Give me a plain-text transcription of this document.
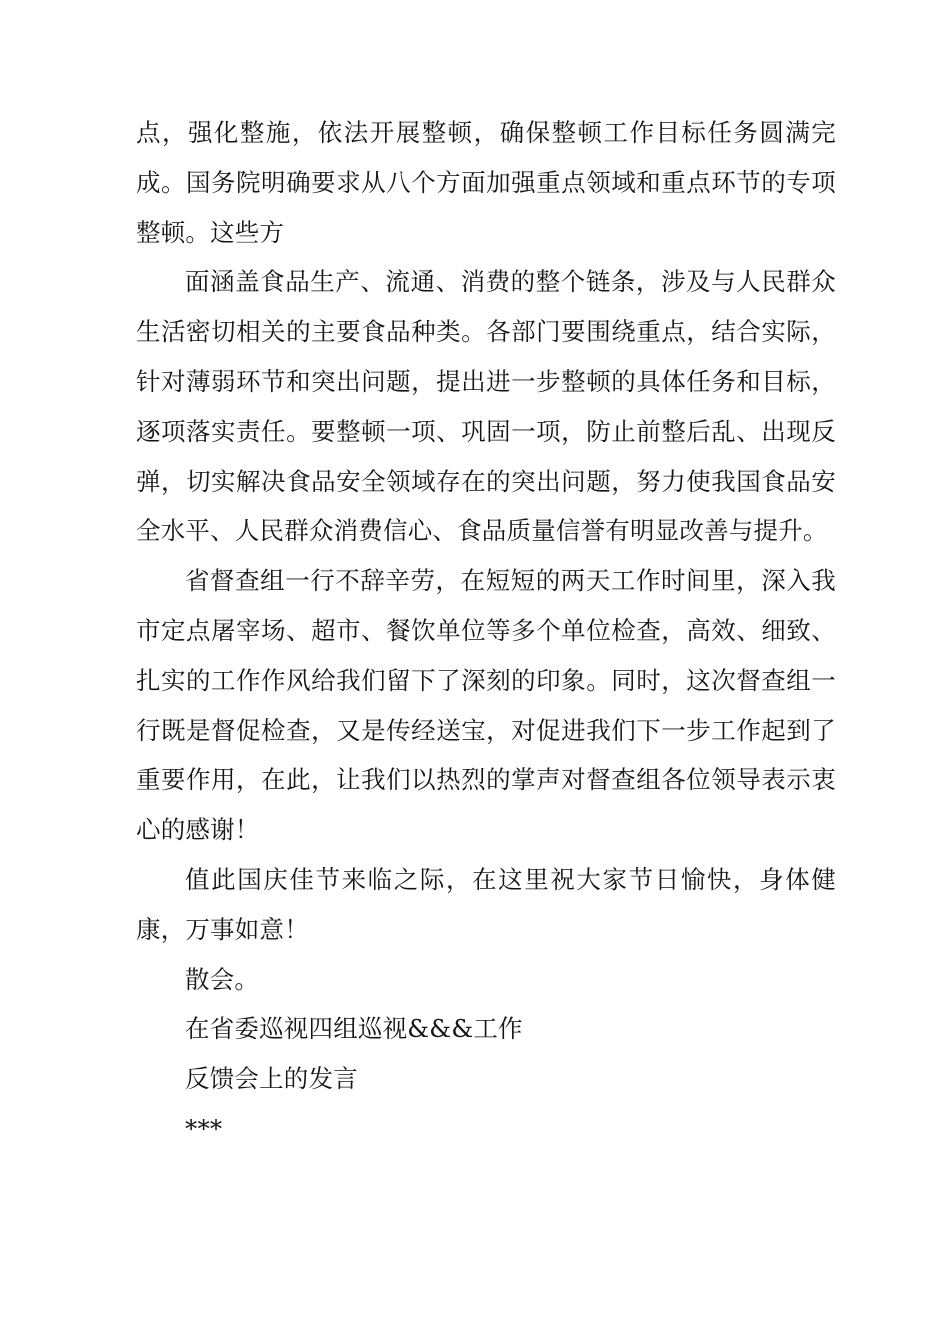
点，强化整施，依法开展整顿，确保整顿工作目标任务圆满完成。国务院明确要求从八个方面加强重点领域和重点环节的专项整顿。这些方

面涵盖食品生产、流通、消费的整个链条，涉及与人民群众生活密切相关的主要食品种类。各部门要围绕重点，结合实际，针对薄弱环节和突出问题，提出进一步整顿的具体任务和目标，逐项落实责任。要整顿一项、巩固一项，防止前整后乱、出现反弹，切实解决食品安全领域存在的突出问题，努力使我国食品安全水平、人民群众消费信心、食品质量信誉有明显改善与提升。

省督查组一行不辞辛劳，在短短的两天工作时间里，深入我市定点屠宰场、超市、餐饮单位等多个单位检查，高效、细致、扎实的工作作风给我们留下了深刻的印象。同时，这次督查组一行既是督促检查，又是传经送宝，对促进我们下一步工作起到了重要作用，在此，让我们以热烈的掌声对督查组各位领导表示衷心的感谢！

值此国庆佳节来临之际，在这里祝大家节日愉快，身体健康，万事如意！

散会。

在省委巡视四组巡视&&&工作

反馈会上的发言

***
